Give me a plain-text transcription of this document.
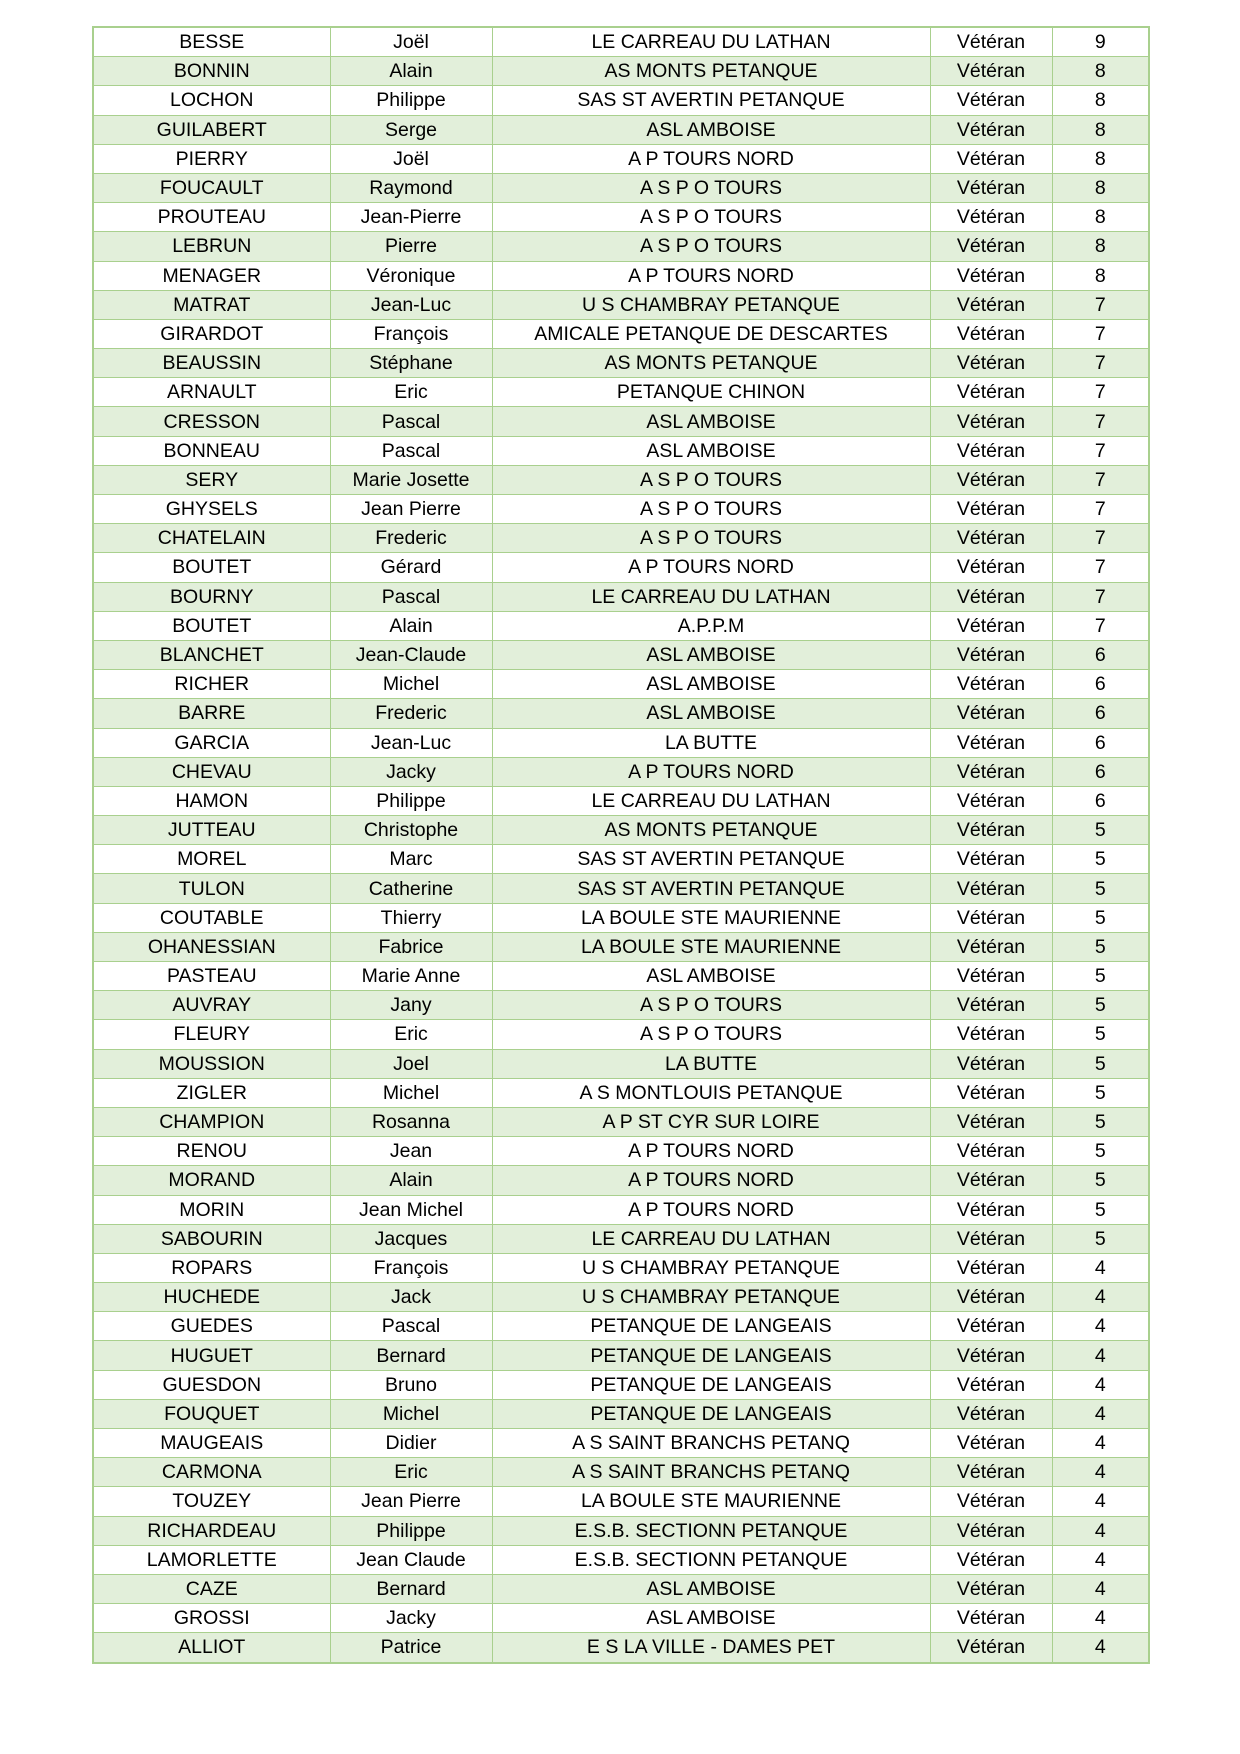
BESSE	Joël	LE CARREAU DU LATHAN	Vétéran	9
BONNIN	Alain	AS MONTS PETANQUE	Vétéran	8
LOCHON	Philippe	SAS ST AVERTIN PETANQUE	Vétéran	8
GUILABERT	Serge	ASL AMBOISE	Vétéran	8
PIERRY	Joël	A P TOURS NORD	Vétéran	8
FOUCAULT	Raymond	A S P O TOURS	Vétéran	8
PROUTEAU	Jean-Pierre	A S P O TOURS	Vétéran	8
LEBRUN	Pierre	A S P O TOURS	Vétéran	8
MENAGER	Véronique	A P TOURS NORD	Vétéran	8
MATRAT	Jean-Luc	U S CHAMBRAY PETANQUE	Vétéran	7
GIRARDOT	François	AMICALE PETANQUE DE DESCARTES	Vétéran	7
BEAUSSIN	Stéphane	AS MONTS PETANQUE	Vétéran	7
ARNAULT	Eric	PETANQUE CHINON	Vétéran	7
CRESSON	Pascal	ASL AMBOISE	Vétéran	7
BONNEAU	Pascal	ASL AMBOISE	Vétéran	7
SERY	Marie Josette	A S P O TOURS	Vétéran	7
GHYSELS	Jean Pierre	A S P O TOURS	Vétéran	7
CHATELAIN	Frederic	A S P O TOURS	Vétéran	7
BOUTET	Gérard	A P TOURS NORD	Vétéran	7
BOURNY	Pascal	LE CARREAU DU LATHAN	Vétéran	7
BOUTET	Alain	A.P.P.M	Vétéran	7
BLANCHET	Jean-Claude	ASL AMBOISE	Vétéran	6
RICHER	Michel	ASL AMBOISE	Vétéran	6
BARRE	Frederic	ASL AMBOISE	Vétéran	6
GARCIA	Jean-Luc	LA BUTTE	Vétéran	6
CHEVAU	Jacky	A P TOURS NORD	Vétéran	6
HAMON	Philippe	LE CARREAU DU LATHAN	Vétéran	6
JUTTEAU	Christophe	AS MONTS PETANQUE	Vétéran	5
MOREL	Marc	SAS ST AVERTIN PETANQUE	Vétéran	5
TULON	Catherine	SAS ST AVERTIN PETANQUE	Vétéran	5
COUTABLE	Thierry	LA BOULE STE MAURIENNE	Vétéran	5
OHANESSIAN	Fabrice	LA BOULE STE MAURIENNE	Vétéran	5
PASTEAU	Marie Anne	ASL AMBOISE	Vétéran	5
AUVRAY	Jany	A S P O TOURS	Vétéran	5
FLEURY	Eric	A S P O TOURS	Vétéran	5
MOUSSION	Joel	LA BUTTE	Vétéran	5
ZIGLER	Michel	A S MONTLOUIS PETANQUE	Vétéran	5
CHAMPION	Rosanna	A P ST CYR SUR LOIRE	Vétéran	5
RENOU	Jean	A P TOURS NORD	Vétéran	5
MORAND	Alain	A P TOURS NORD	Vétéran	5
MORIN	Jean Michel	A P TOURS NORD	Vétéran	5
SABOURIN	Jacques	LE CARREAU DU LATHAN	Vétéran	5
ROPARS	François	U S CHAMBRAY PETANQUE	Vétéran	4
HUCHEDE	Jack	U S CHAMBRAY PETANQUE	Vétéran	4
GUEDES	Pascal	PETANQUE DE LANGEAIS	Vétéran	4
HUGUET	Bernard	PETANQUE DE LANGEAIS	Vétéran	4
GUESDON	Bruno	PETANQUE DE LANGEAIS	Vétéran	4
FOUQUET	Michel	PETANQUE DE LANGEAIS	Vétéran	4
MAUGEAIS	Didier	A S SAINT BRANCHS PETANQ	Vétéran	4
CARMONA	Eric	A S SAINT BRANCHS PETANQ	Vétéran	4
TOUZEY	Jean Pierre	LA BOULE STE MAURIENNE	Vétéran	4
RICHARDEAU	Philippe	E.S.B. SECTIONN PETANQUE	Vétéran	4
LAMORLETTE	Jean Claude	E.S.B. SECTIONN PETANQUE	Vétéran	4
CAZE	Bernard	ASL AMBOISE	Vétéran	4
GROSSI	Jacky	ASL AMBOISE	Vétéran	4
ALLIOT	Patrice	E S LA VILLE - DAMES PET	Vétéran	4
